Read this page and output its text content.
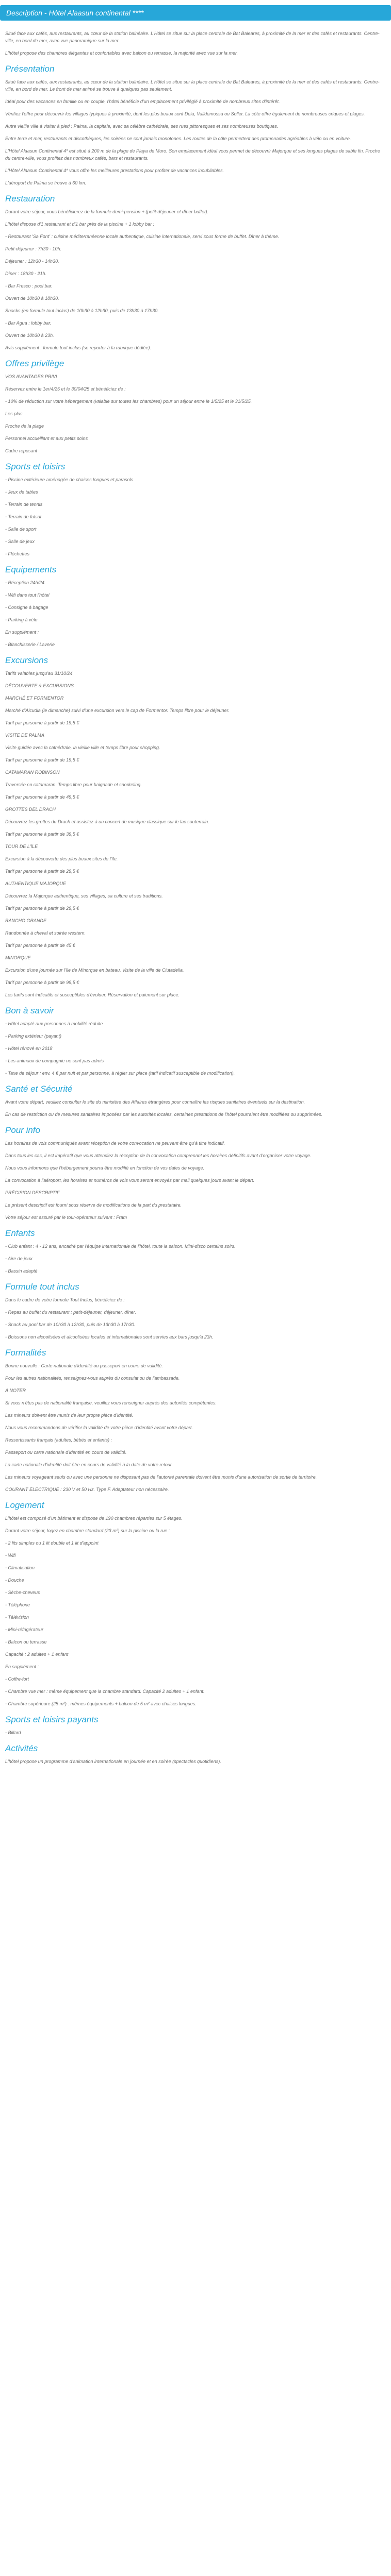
Description - Hôtel Alaasun continental ****

Situé face aux cafés, aux restaurants, au cœur de la station balnéaire. L'Hôtel se situe sur la place centrale de Bat Baleares, à proximité de la mer et des cafés et restaurants. Centre-ville, en bord de mer, avec vue panoramique sur la mer.

L'hôtel propose des chambres élégantes et confortables avec balcon ou terrasse, la majorité avec vue sur la mer.

Présentation

Situé face aux cafés, aux restaurants, au cœur de la station balnéaire. L'Hôtel se situe sur la place centrale de Bat Baleares, à proximité de la mer et des cafés et restaurants. Centre-ville, en bord de mer. Le front de mer animé se trouve à quelques pas seulement.

Idéal pour des vacances en famille ou en couple, l'hôtel bénéficie d'un emplacement privilégié à proximité de nombreux sites d'intérêt.

Vérifiez l'offre pour découvrir les villages typiques à proximité, dont les plus beaux sont Deia, Valldemossa ou Soller. La côte offre également de nombreuses criques et plages.

Autre vieille ville à visiter à pied : Palma, la capitale, avec sa célèbre cathédrale, ses rues pittoresques et ses nombreuses boutiques.

Entre terre et mer, restaurants et discothèques, les soirées ne sont jamais monotones. Les routes de la côte permettent des promenades agréables à vélo ou en voiture.

L'Hôtel Alaasun Continental 4* est situé à 200 m de la plage de Playa de Muro. Son emplacement idéal vous permet de découvrir Majorque et ses longues plages de sable fin. Proche du centre-ville, vous profitez des nombreux cafés, bars et restaurants.

L'Hôtel Alaasun Continental 4* vous offre les meilleures prestations pour profiter de vacances inoubliables.

L'aéroport de Palma se trouve à 60 km.

Restauration

Durant votre séjour, vous bénéficierez de la formule demi-pension + (petit-déjeuner et dîner buffet).

L'hôtel dispose d'1 restaurant et d'1 bar près de la piscine + 1 lobby bar :

- Restaurant 'Sa Font' : cuisine méditerranéenne locale authentique, cuisine internationale, servi sous forme de buffet. Dîner à thème.

Petit-déjeuner : 7h30 - 10h.

Déjeuner : 12h30 - 14h30.

Dîner : 18h30 - 21h.

- Bar Fresco : pool bar.

Ouvert de 10h30 à 18h30.

Snacks (en formule tout inclus) de 10h30 à 12h30, puis de 13h30 à 17h30.

- Bar Agua : lobby bar.

Ouvert de 10h30 à 23h.

Avis supplément : formule tout inclus (se reporter à la rubrique dédiée).

Offres privilège

VOS AVANTAGES PRIVI

Réservez entre le 1er/4/25 et le 30/04/25 et bénéficiez de :

- 10% de réduction sur votre hébergement (valable sur toutes les chambres) pour un séjour entre le 1/5/25 et le 31/5/25.

Les plus

Proche de la plage

Personnel accueillant et aux petits soins

Cadre reposant

Sports et loisirs

- Piscine extérieure aménagée de chaises longues et parasols

- Jeux de tables

- Terrain de tennis

- Terrain de futsal

- Salle de sport

- Salle de jeux

- Fléchettes

Equipements

- Réception 24h/24

- Wifi dans tout l'hôtel

- Consigne à bagage

- Parking à vélo

En supplément :

- Blanchisserie / Laverie

Excursions

Tarifs valables jusqu'au 31/10/24

DÉCOUVERTE & EXCURSIONS

MARCHÉ ET FORMENTOR

Marché d'Alcudia (le dimanche) suivi d'une excursion vers le cap de Formentor. Temps libre pour le déjeuner.

Tarif par personne à partir de 19,5 €

VISITE DE PALMA

Visite guidée avec la cathédrale, la vieille ville et temps libre pour shopping.

Tarif par personne à partir de 19,5 €

CATAMARAN ROBINSON

Traversée en catamaran. Temps libre pour baignade et snorkeling.

Tarif par personne à partir de 49,5 €

GROTTES DEL DRACH

Découvrez les grottes du Drach et assistez à un concert de musique classique sur le lac souterrain.

Tarif par personne à partir de 39,5 €

TOUR DE L'ÎLE

Excursion à la découverte des plus beaux sites de l'île.

Tarif par personne à partir de 29,5 €

AUTHENTIQUE MAJORQUE

Découvrez la Majorque authentique, ses villages, sa culture et ses traditions.

Tarif par personne à partir de 29,5 €

RANCHO GRANDE

Randonnée à cheval et soirée western.

Tarif par personne à partir de 45 €

MINORQUE

Excursion d'une journée sur l'île de Minorque en bateau. Visite de la ville de Ciutadella.

Tarif par personne à partir de 99,5 €

Les tarifs sont indicatifs et susceptibles d'évoluer. Réservation et paiement sur place.

Bon à savoir

- Hôtel adapté aux personnes à mobilité réduite

- Parking extérieur (payant)

- Hôtel rénové en 2018

- Les animaux de compagnie ne sont pas admis

- Taxe de séjour : env. 4 € par nuit et par personne, à régler sur place (tarif indicatif susceptible de modification).

Santé et Sécurité

Avant votre départ, veuillez consulter le site du ministère des Affaires étrangères pour connaître les risques sanitaires éventuels sur la destination.

En cas de restriction ou de mesures sanitaires imposées par les autorités locales, certaines prestations de l'hôtel pourraient être modifiées ou supprimées.

Pour info

Les horaires de vols communiqués avant réception de votre convocation ne peuvent être qu'à titre indicatif.

Dans tous les cas, il est impératif que vous attendiez la réception de la convocation comprenant les horaires définitifs avant d'organiser votre voyage.

Nous vous informons que l'hébergement pourra être modifié en fonction de vos dates de voyage.

La convocation à l'aéroport, les horaires et numéros de vols vous seront envoyés par mail quelques jours avant le départ.

PRÉCISION DESCRIPTIF

Le présent descriptif est fourni sous réserve de modifications de la part du prestataire.

Votre séjour est assuré par le tour-opérateur suivant : Fram

Enfants

- Club enfant : 4 - 12 ans, encadré par l'équipe internationale de l'hôtel, toute la saison. Mini-disco certains soirs.

- Aire de jeux

- Bassin adapté

Formule tout inclus

Dans le cadre de votre formule Tout Inclus, bénéficiez de :

- Repas au buffet du restaurant : petit-déjeuner, déjeuner, dîner.

- Snack au pool bar de 10h30 à 12h30, puis de 13h30 à 17h30.

- Boissons non alcoolisées et alcoolisées locales et internationales sont servies aux bars jusqu'à 23h.

Formalités

Bonne nouvelle : Carte nationale d'identité ou passeport en cours de validité.

Pour les autres nationalités, renseignez-vous auprès du consulat ou de l'ambassade.

À NOTER

Si vous n'êtes pas de nationalité française, veuillez vous renseigner auprès des autorités compétentes.

Les mineurs doivent être munis de leur propre pièce d'identité.

Nous vous recommandons de vérifier la validité de votre pièce d'identité avant votre départ.

Ressortissants français (adultes, bébés et enfants) :

Passeport ou carte nationale d'identité en cours de validité.

La carte nationale d'identité doit être en cours de validité à la date de votre retour.

Les mineurs voyageant seuls ou avec une personne ne disposant pas de l'autorité parentale doivent être munis d'une autorisation de sortie de territoire.

COURANT ÉLECTRIQUE : 230 V et 50 Hz. Type F. Adaptateur non nécessaire.

Logement

L'hôtel est composé d'un bâtiment et dispose de 190 chambres réparties sur 5 étages.

Durant votre séjour, logez en chambre standard (23 m²) sur la piscine ou la rue :

- 2 lits simples ou 1 lit double et 1 lit d'appoint

- Wifi

- Climatisation

- Douche

- Sèche-cheveux

- Téléphone

- Télévision

- Mini-réfrigérateur

- Balcon ou terrasse

Capacité : 2 adultes + 1 enfant

En supplément :

- Coffre-fort

- Chambre vue mer : même équipement que la chambre standard. Capacité 2 adultes + 1 enfant.

- Chambre supérieure (25 m²) : mêmes équipements + balcon de 5 m² avec chaises longues.

Sports et loisirs payants

- Billard

Activités

L'hôtel propose un programme d'animation internationale en journée et en soirée (spectacles quotidiens).
